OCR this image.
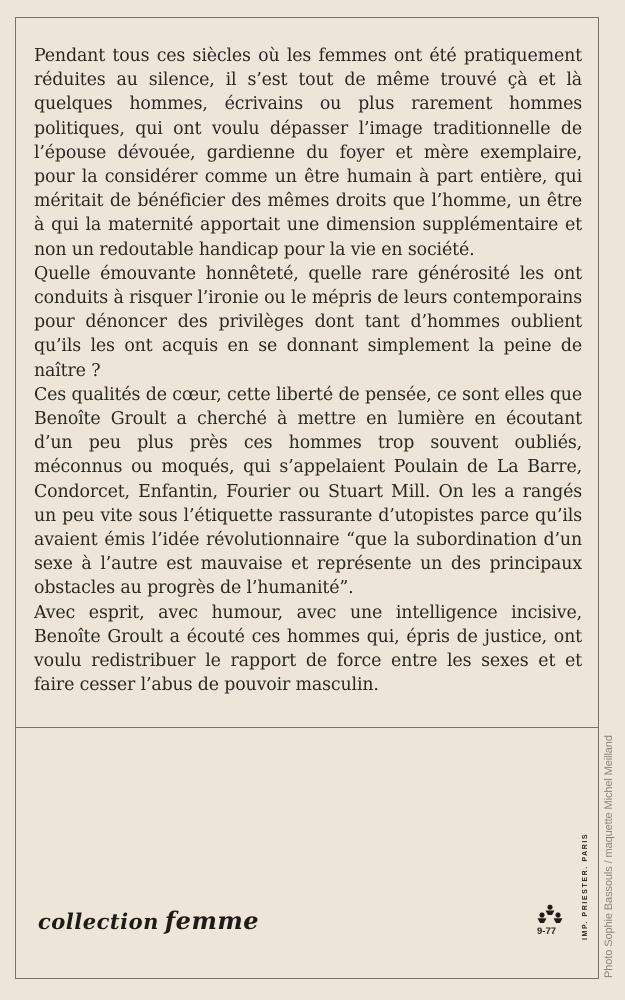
Pendant tous ces siècles où les femmes ont été pratiquement réduites au silence, il s’est tout de même trouvé çà et là quelques hommes, écrivains ou plus rarement hommes politiques, qui ont voulu dépasser l’image traditionnelle de l’épouse dévouée, gardienne du foyer et mère exemplaire, pour la considérer comme un être humain à part entière, qui méritait de bénéficier des mêmes droits que l’homme, un être à qui la maternité apportait une dimension supplémentaire et non un redoutable handicap pour la vie en société.

Quelle émouvante honnêteté, quelle rare générosité les ont conduits à risquer l’ironie ou le mépris de leurs contemporains pour dénoncer des privilèges dont tant d’hommes oublient qu’ils les ont acquis en se donnant simplement la peine de naître ?

Ces qualités de cœur, cette liberté de pensée, ce sont elles que Benoîte Groult a cherché à mettre en lumière en écoutant d’un peu plus près ces hommes trop souvent oubliés, méconnus ou moqués, qui s’appelaient Poulain de La Barre, Condorcet, Enfantin, Fourier ou Stuart Mill. On les a rangés un peu vite sous l’étiquette rassurante d’utopistes parce qu’ils avaient émis l’idée révolutionnaire “que la subordination d’un sexe à l’autre est mauvaise et représente un des principaux obstacles au progrès de l’humanité”.

Avec esprit, avec humour, avec une intelligence incisive, Benoîte Groult a écouté ces hommes qui, épris de justice, ont voulu redistribuer le rapport de force entre les sexes et et faire cesser l’abus de pouvoir masculin.

collection femme	9-77	IMP. PRIESTER. PARIS Photo Sophie Bassouls / maquette Michel Meilland
